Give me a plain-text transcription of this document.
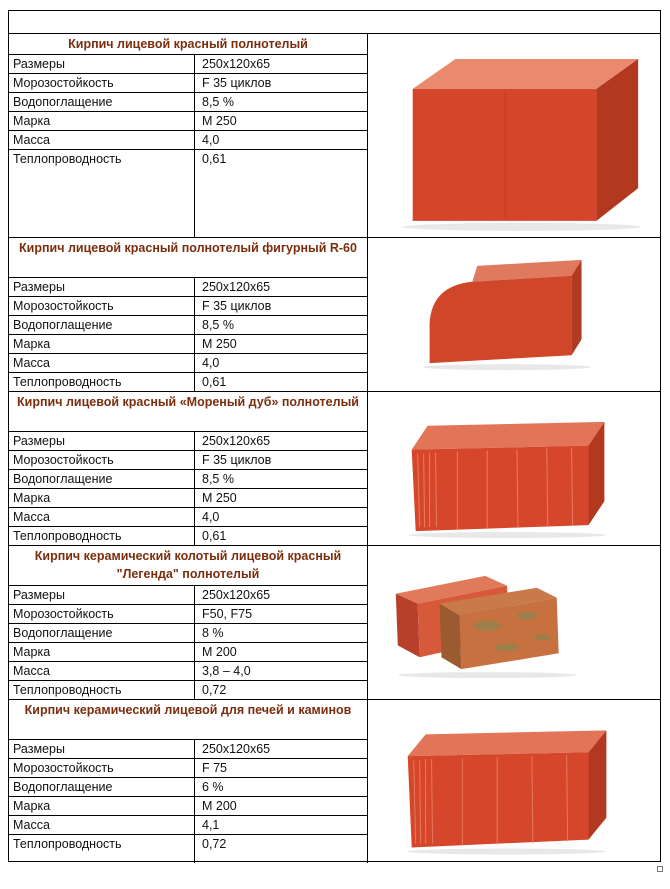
Кирпич лицевой красный полнотелый
Размеры	250x120x65
Морозостойкость	F 35 циклов
Водопоглащение	8,5 %
Марка	М 250
Масса	4,0
Теплопроводность	0,61
Кирпич лицевой красный полнотелый фигурный R-60
Размеры	250x120x65
Морозостойкость	F 35 циклов
Водопоглащение	8,5 %
Марка	М 250
Масса	4,0
Теплопроводность	0,61
Кирпич лицевой красный «Мореный дуб» полнотелый
Размеры	250x120x65
Морозостойкость	F 35 циклов
Водопоглащение	8,5 %
Марка	М 250
Масса	4,0
Теплопроводность	0,61
Кирпич керамический колотый лицевой красный "Легенда" полнотелый
Размеры	250x120x65
Морозостойкость	F50, F75
Водопоглащение	8 %
Марка	М 200
Масса	3,8 – 4,0
Теплопроводность	0,72
Кирпич керамический лицевой для печей и каминов
Размеры	250x120x65
Морозостойкость	F 75
Водопоглащение	6 %
Марка	М 200
Масса	4,1
Теплопроводность	0,72
